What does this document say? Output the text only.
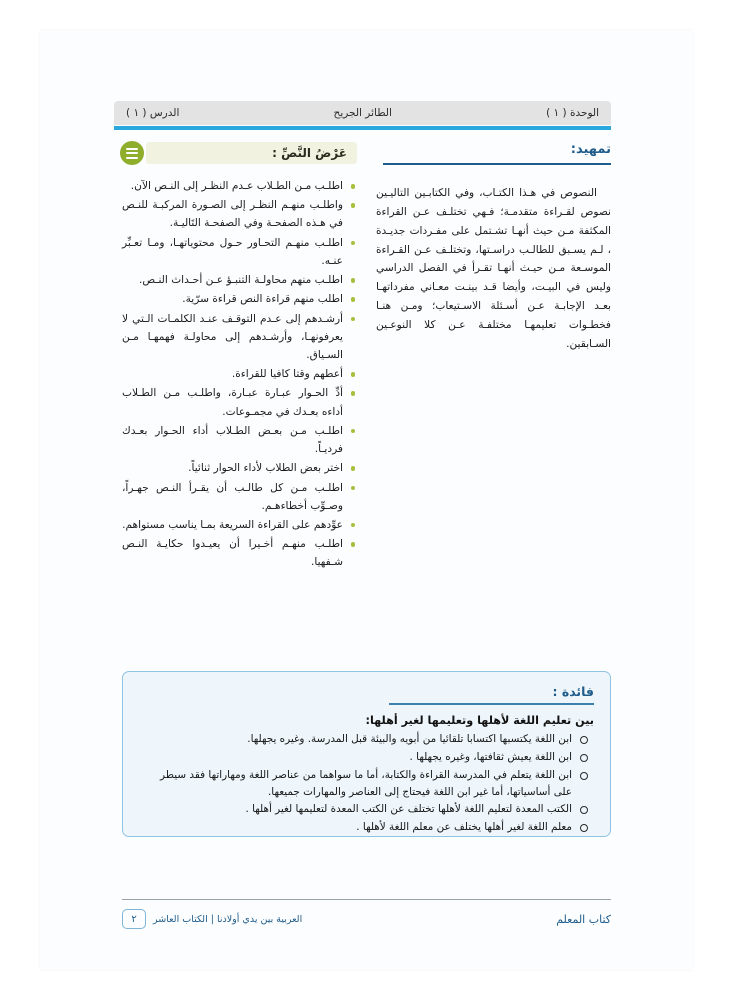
الوحدة ( ١ )
الطائر الجريح
الدرس ( ١ )
تمهيد:

النصوص في هـذا الكتـاب، وفي الكتابـين التاليـين نصوص لقـراءة متقدمـة؛ فـهي تختلـف عـن القراءة المكثفة مـن حيث أنهـا تشـتمل على مفـردات جديـدة ، لـم يسـبق للطالـب دراسـتها، وتختلـف عـن القـراءة الموسـعة مـن حيـث أنهـا تقـرأ في الفصل الدراسي وليس في البيـت، وأيضا قـد بينـت معـاني مفرداتهـا بعـد الإجابـة عـن أسـئلة الاسـتيعاب؛ ومـن هنـا فخطـوات تعليمهـا مختلفـة عـن كلا النوعـين السـابقين.

عَرْضُ النَّصِّ :
اطلـب مـن الطـلاب عـدم النظـر إلى النـص الآن.
واطلـب منهـم النظـر إلى الصـورة المركبـة للنـص في هـذه الصفحـة وفي الصفحـة التَاليـة.
اطلـب منهـم التحـاور حـول محتوياتهـا، ومـا تعـبِّر عنـه.
اطلـب منهم محاولـة التنبـؤ عـن أحـداث النـص.
اطلب منهم قراءة النص قراءة سرّية.
أرشـدهم إلى عـدم التوقـف عنـد الكلمـات الـتي لا يعرفونهـا، وأرشـدهم إلى محاولـة فهمهـا مـن السـياق.
أعطهم وقتا كافيا للقراءة.
أدِّ الحـوار عبـارة عبـارة، واطلـب مـن الطـلاب أداءه بعـدك في مجمـوعات.
اطلـب مـن بعـض الطـلاب أداء الحـوار بعـدك فرديـاً.
اختر بعض الطلاب لأداء الحوار ثنائياً.
اطلـب مـن كل طالـب أن يقـرأ النـص جهـراً، وصـوِّب أخطاءهـم.
عوِّدهم على القراءة السريعة بمـا يناسب مستواهم.
اطلـب منهـم أخـيرا أن يعيـدوا حكايـة النـص شـفهيا.
فائدة :
بين تعليم اللغة لأهلها وتعليمها لغير أهلها:
ابن اللغة يكتسبها اكتسابا تلقائيا من أبويه والبيئة قبل المدرسة. وغيره يجهلها.
ابن اللغة يعيش ثقافتها، وغيره يجهلها .
ابن اللغة يتعلم في المدرسة القراءة والكتابة، أما ما سواهما من عناصر اللغة ومهاراتها فقد سيطر على أساسياتها، أما غير ابن اللغة فيحتاج إلى العناصر والمهارات جميعها.
الكتب المعدة لتعليم اللغة لأهلها تختلف عن الكتب المعدة لتعليمها لغير أهلها .
معلم اللغة لغير أهلها يختلف عن معلم اللغة لأهلها .
كتاب المعلم
العربية بين يدي أولادنا | الكتاب العاشر
٢
